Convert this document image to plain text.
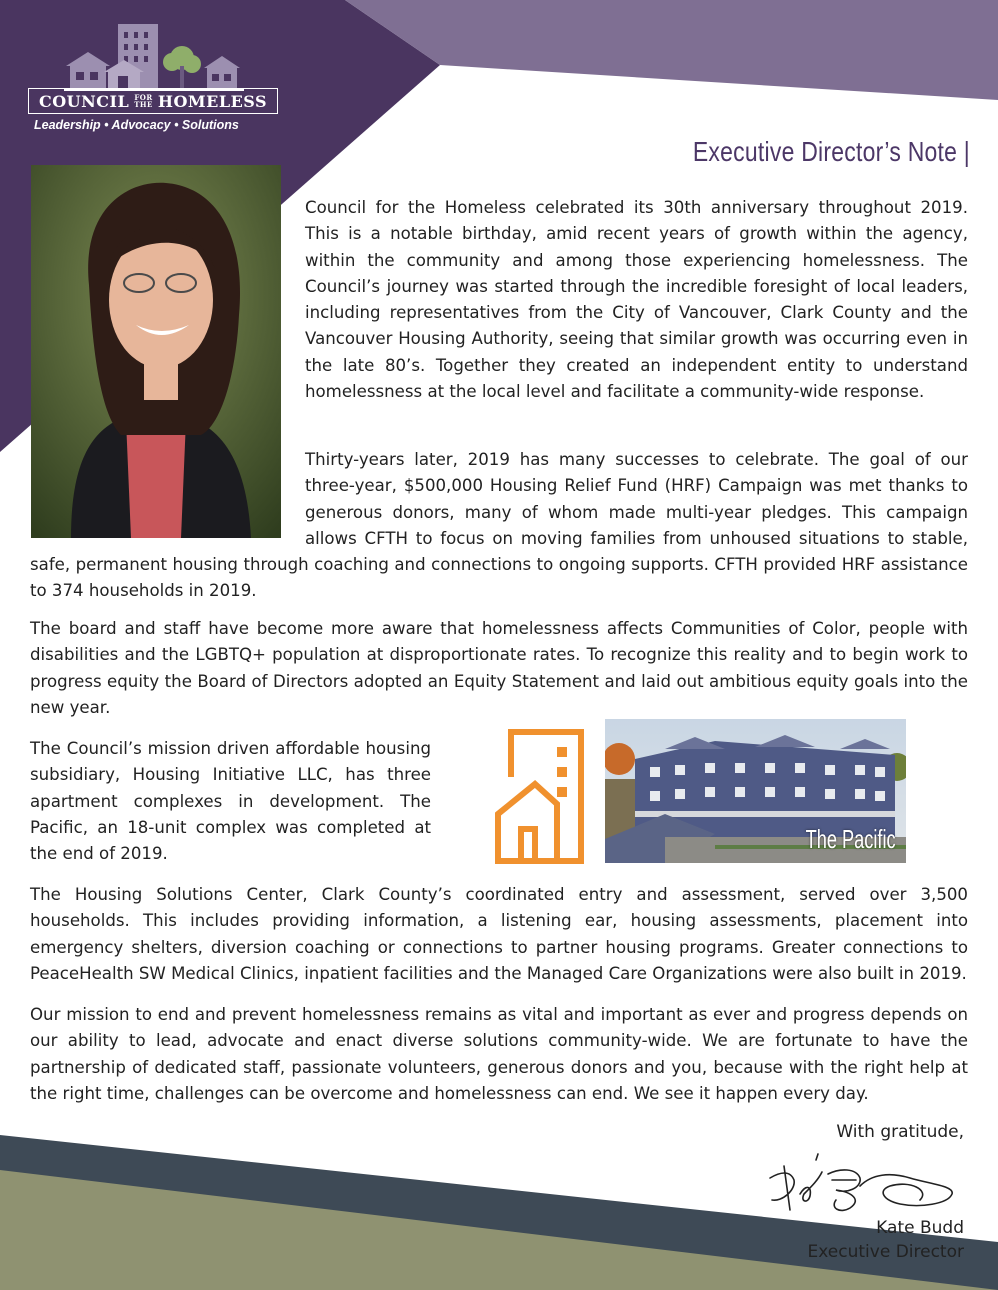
COUNCIL FOR
THE HOMELESS
Leadership • Advocacy • Solutions
Executive Director’s Note |
Council for the Homeless celebrated its 30th anniversary throughout 2019. This is a notable birthday, amid recent years of growth within the agency, within the community and among those experiencing homelessness. The Council’s journey was started through the incredible foresight of local leaders, including representatives from the City of Vancouver, Clark County and the Vancouver Housing Authority, seeing that similar growth was occurring even in the late 80’s. Together they created an independent entity to understand homelessness at the local level and facilitate a community-wide response.
Thirty-years later, 2019 has many successes to celebrate. The goal of our three-year, $500,000 Housing Relief Fund (HRF) Campaign was met thanks to generous donors, many of whom made multi-year pledges. This campaign allows CFTH to focus on moving families from unhoused situations to stable,
safe, permanent housing through coaching and connections to ongoing supports. CFTH provided HRF assistance to 374 households in 2019.
The board and staff have become more aware that homelessness affects Communities of Color, people with disabilities and the LGBTQ+ population at disproportionate rates. To recognize this reality and to begin work to progress equity the Board of Directors adopted an Equity Statement and laid out ambitious equity goals into the new year.
The Council’s mission driven affordable housing subsidiary, Housing Initiative LLC, has three apartment complexes in development. The Pacific, an 18-unit complex was completed at the end of 2019.	The Pacific
The Housing Solutions Center, Clark County’s coordinated entry and assessment, served over 3,500 households. This includes providing information, a listening ear, housing assessments, placement into emergency shelters, diversion coaching or connections to partner housing programs. Greater connections to PeaceHealth SW Medical Clinics, inpatient facilities and the Managed Care Organizations were also built in 2019.
Our mission to end and prevent homelessness remains as vital and important as ever and progress depends on our ability to lead, advocate and enact diverse solutions community-wide. We are fortunate to have the partnership of dedicated staff, passionate volunteers, generous donors and you, because with the right help at the right time, challenges can be overcome and homelessness can end. We see it happen every day.
With gratitude,
Kate Budd
Executive Director
